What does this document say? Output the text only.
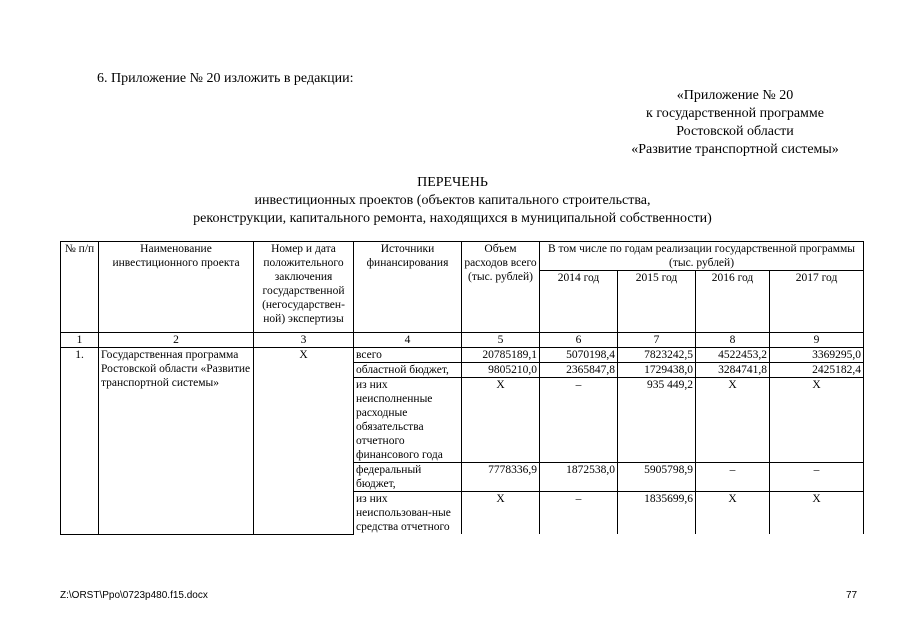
6. Приложение № 20 изложить в редакции:
«Приложение № 20
к государственной программе
Ростовской области
«Развитие транспортной системы»
ПЕРЕЧЕНЬ
инвестиционных проектов (объектов капитального строительства,
реконструкции, капитального ремонта, находящихся в муниципальной собственности)
№ п/п	Наименование инвестиционного проекта	Номер и дата положительного заключения государственной (негосударствен-ной) экспертизы	Источники финансирования	Объем расходов всего (тыс. рублей)	В том числе по годам реализации государственной программы (тыс. рублей)			
					2014 год	2015 год	2016 год	2017 год
1	2	3	4	5	6	7	8	9
1.	Государственная программа Ростовской области «Развитие транспортной системы»	Х	всего	20785189,1	5070198,4	7823242,5	4522453,2	3369295,0
			областной бюджет,	9805210,0	2365847,8	1729438,0	3284741,8	2425182,4
			из них неисполненные расходные обязательства отчетного финансового года	Х	–	935 449,2	Х	Х
			федеральный бюджет,	7778336,9	1872538,0	5905798,9	–	–
			из них неиспользован-ные средства отчетного	Х	–	1835699,6	Х	Х
Z:\ORST\Ppo\0723p480.f15.docx	77
